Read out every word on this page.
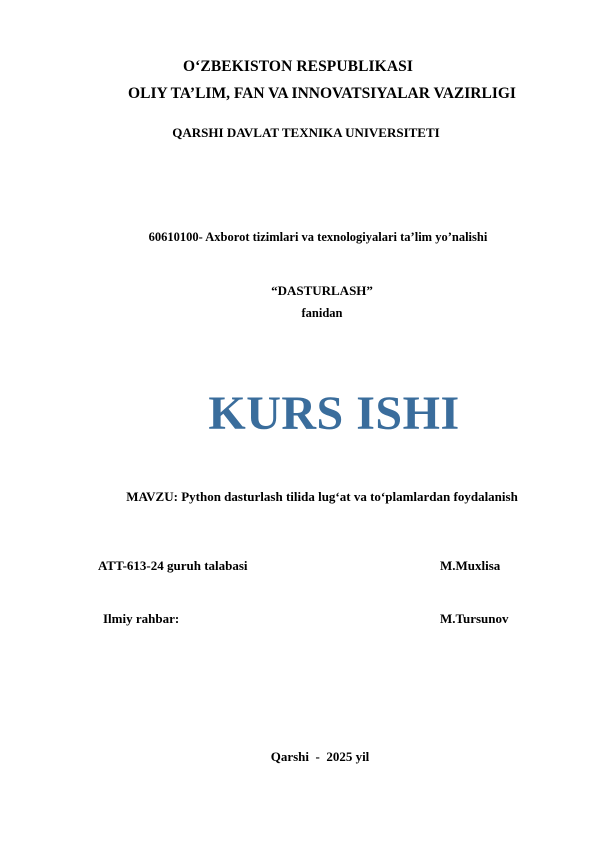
O‘ZBEKISTON RESPUBLIKASI
OLIY TA’LIM, FAN VA INNOVATSIYALAR VAZIRLIGI
QARSHI DAVLAT TEXNIKA UNIVERSITETI
60610100- Axborot tizimlari va texnologiyalari ta’lim yo’nalishi
“DASTURLASH”
fanidan
KURS ISHI
MAVZU: Python dasturlash tilida lug‘at va to‘plamlardan foydalanish
ATT-613-24 guruh talabasi	M.Muxlisa
Ilmiy rahbar:	M.Tursunov
Qarshi  -  2025 yil
